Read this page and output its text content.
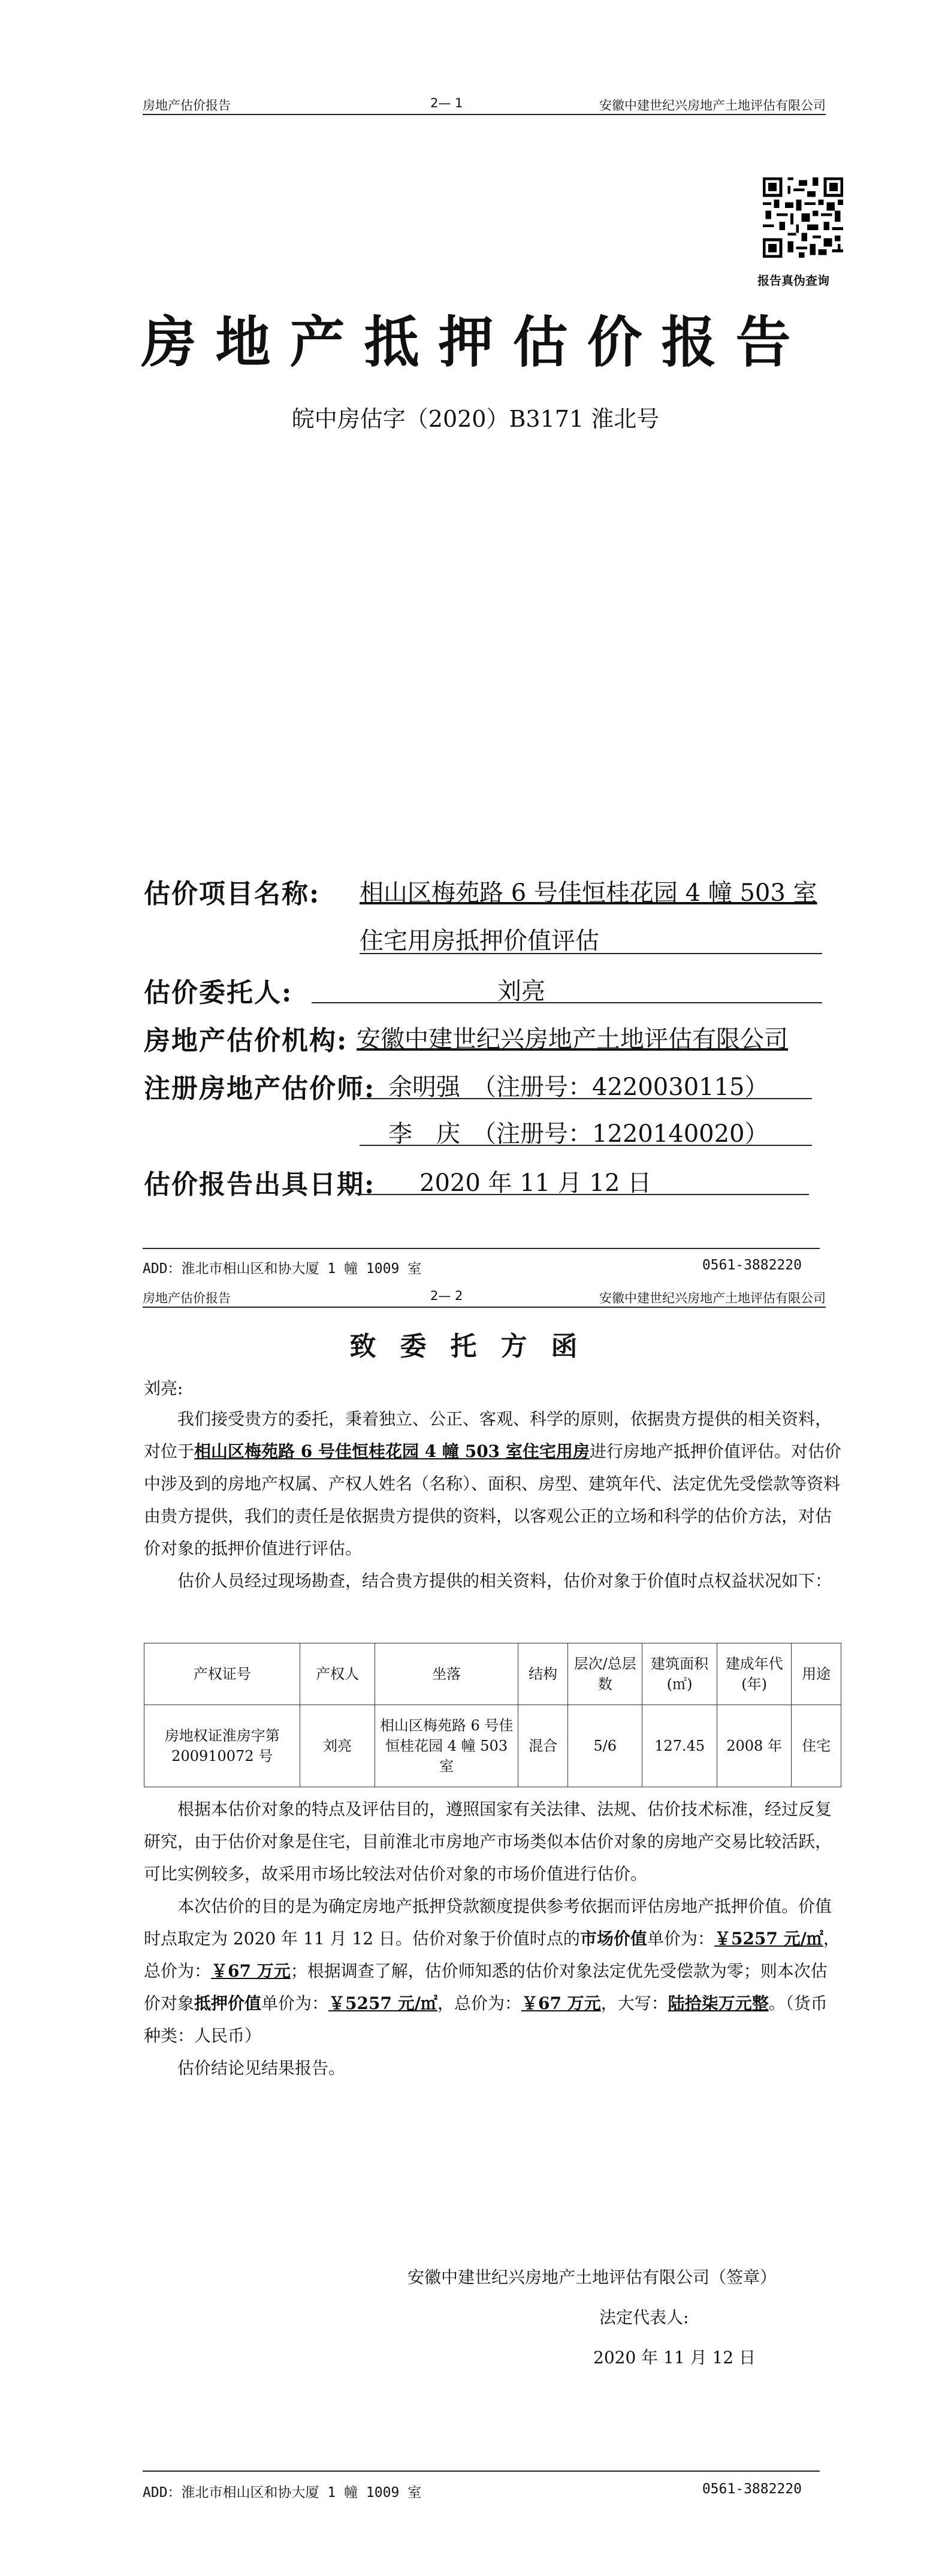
房地产估价报告	2— 1	安徽中建世纪兴房地产土地评估有限公司
报告真伪查询
房地产抵押估价报告
皖中房估字（2020）B3171 淮北号
估价项目名称: 相山区梅苑路 6 号佳恒桂花园 4 幢 503 室
住宅用房抵押价值评估
估价委托人:	刘亮
房地产估价机构: 安徽中建世纪兴房地产土地评估有限公司
注册房地产估价师: 余明强　（注册号：4220030115）
李　庆　（注册号：1220140020）
估价报告出具日期: 2020 年 11 月 12 日
ADD：淮北市相山区和协大厦 1 幢 1009 室	0561-3882220
房地产估价报告	2— 2	安徽中建世纪兴房地产土地评估有限公司
致委托方函
刘亮:
我们接受贵方的委托，秉着独立、公正、客观、科学的原则，依据贵方提供的相关资料，对位于相山区梅苑路 6 号佳恒桂花园 4 幢 503 室住宅用房进行房地产抵押价值评估。对估价中涉及到的房地产权属、产权人姓名（名称）、面积、房型、建筑年代、法定优先受偿款等资料由贵方提供，我们的责任是依据贵方提供的资料，以客观公正的立场和科学的估价方法，对估价对象的抵押价值进行评估。
估价人员经过现场勘查，结合贵方提供的相关资料，估价对象于价值时点权益状况如下：
产权证号	产权人	坐落	结构	层次/总层数	建筑面积(㎡)	建成年代(年)	用途
房地权证淮房字第 200910072 号	刘亮	相山区梅苑路 6 号佳恒桂花园 4 幢 503 室	混合	5/6	127.45	2008 年	住宅
根据本估价对象的特点及评估目的，遵照国家有关法律、法规、估价技术标准，经过反复研究，由于估价对象是住宅，目前淮北市房地产市场类似本估价对象的房地产交易比较活跃，可比实例较多，故采用市场比较法对估价对象的市场价值进行估价。
本次估价的目的是为确定房地产抵押贷款额度提供参考依据而评估房地产抵押价值。价值时点取定为 2020 年 11 月 12 日。估价对象于价值时点的市场价值单价为：￥5257 元/㎡，总价为：￥67 万元；根据调查了解，估价师知悉的估价对象法定优先受偿款为零；则本次估价对象抵押价值单价为：￥5257 元/㎡，总价为：￥67 万元，大写：陆拾柒万元整。（货币种类：人民币）
估价结论见结果报告。
安徽中建世纪兴房地产土地评估有限公司（签章）
法定代表人:
2020 年 11 月 12 日
ADD：淮北市相山区和协大厦 1 幢 1009 室	0561-3882220
